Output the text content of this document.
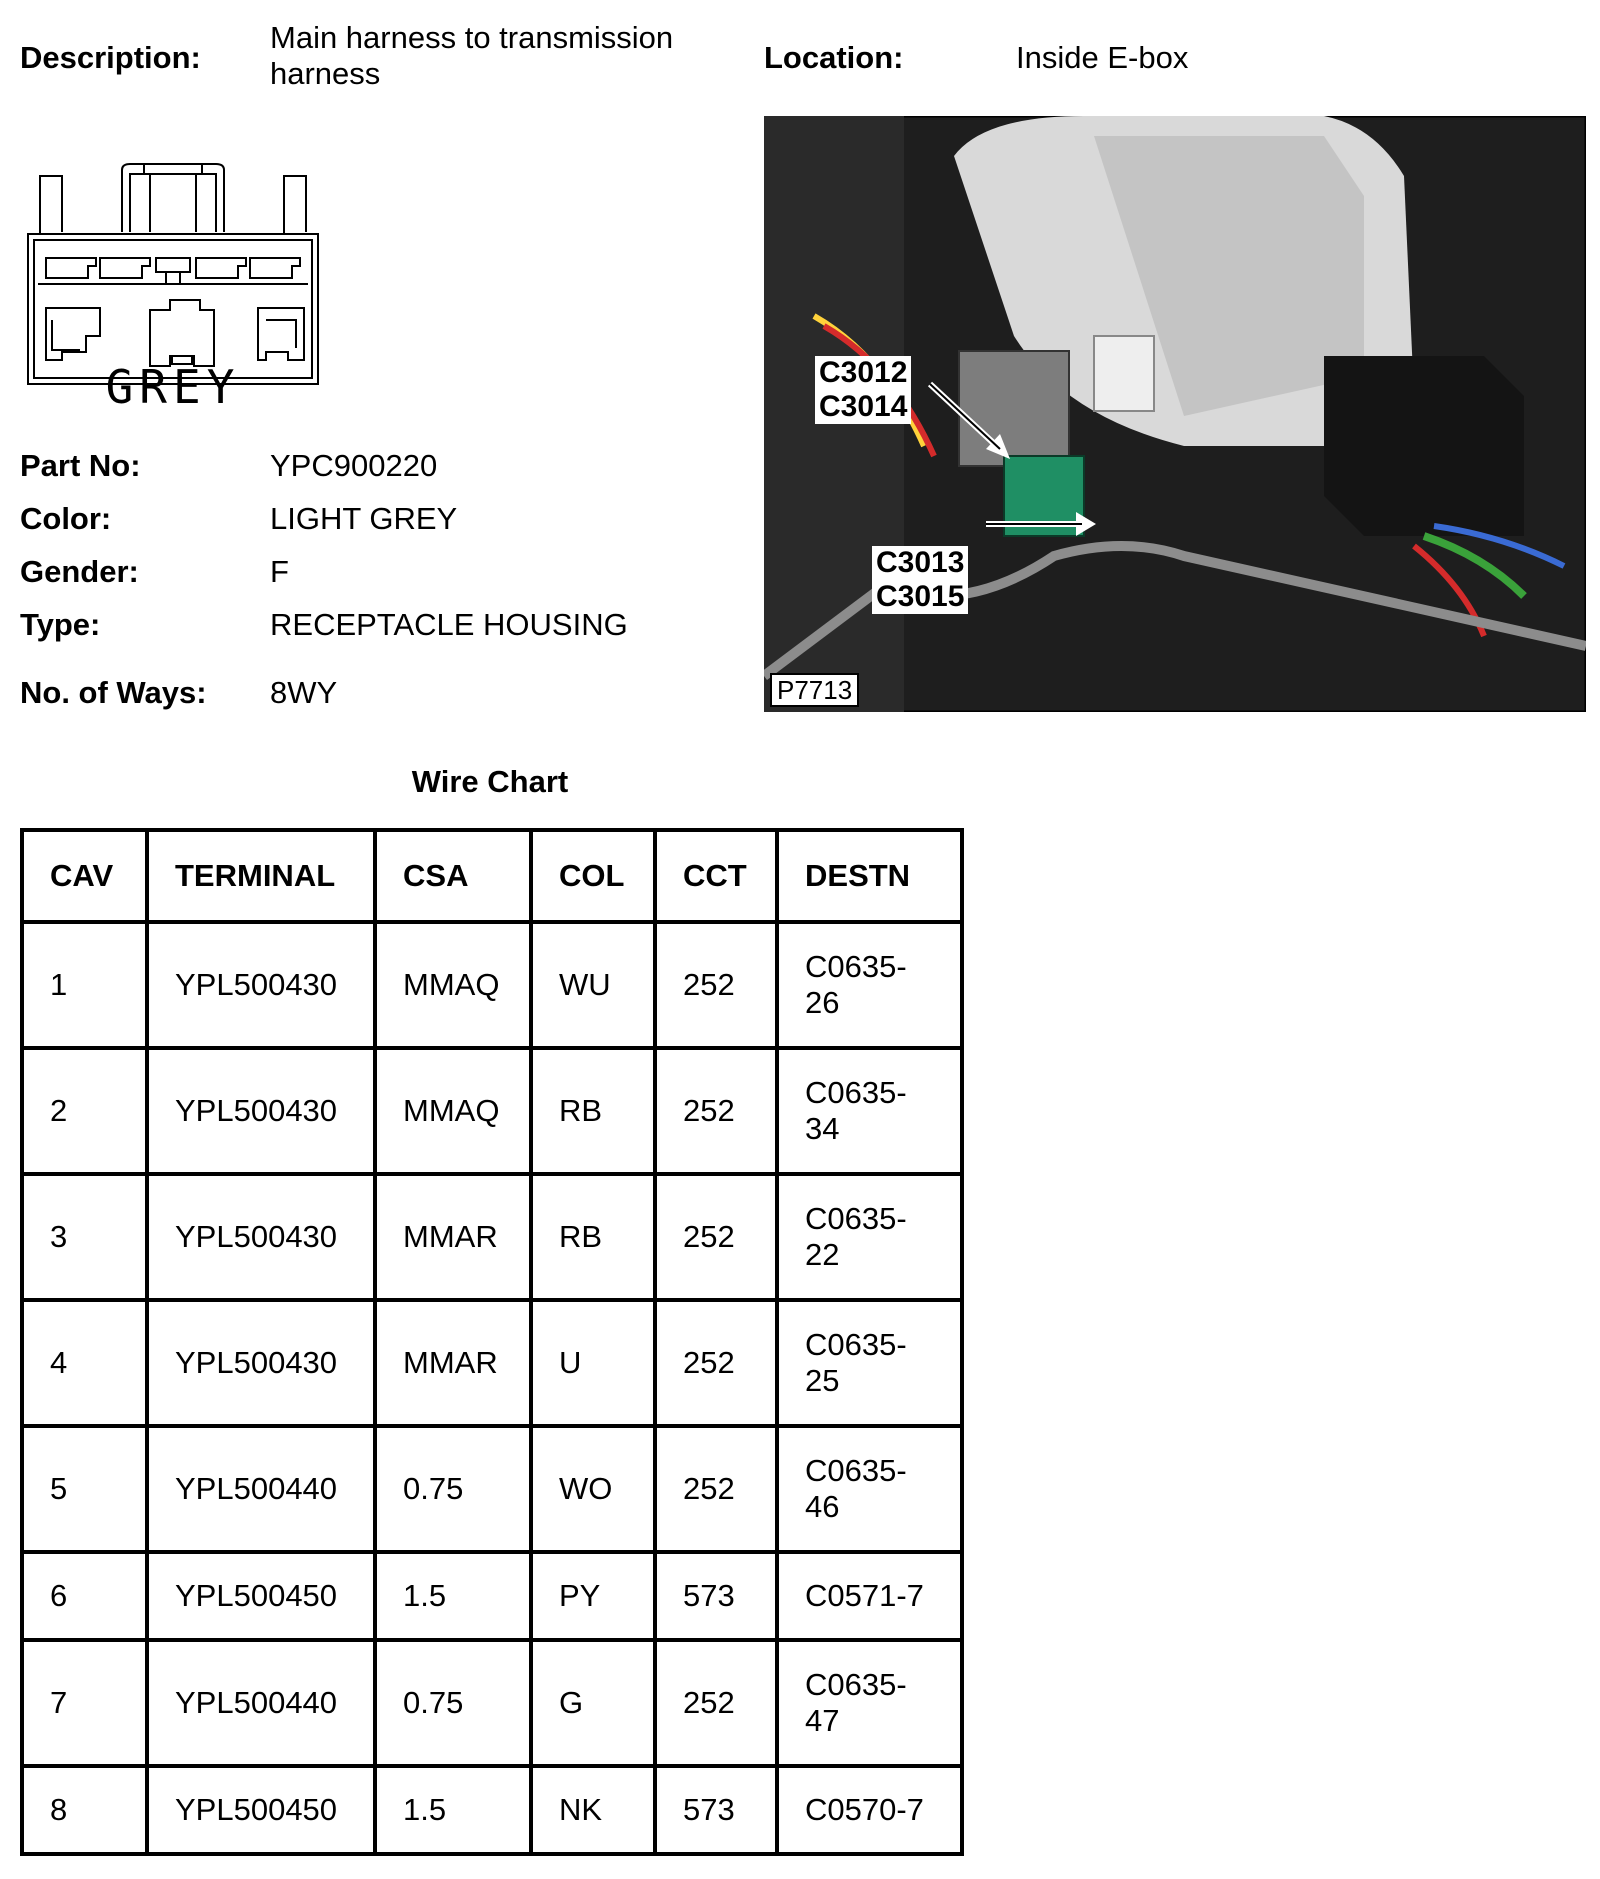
Description:
Main harness to transmission
harness	Location:	Inside E-box
GREY
Part No:	YPC900220
Color:	LIGHT GREY
Gender:	F
Type:	RECEPTACLE HOUSING
No. of Ways: 8WY
C3012
C3014
C3013
C3015
P7713
Wire Chart
CAV	TERMINAL	CSA	COL	CCT	DESTN
1	YPL500430	MMAQ	WU	252	C0635-
26

2	YPL500430	MMAQ	RB	252	C0635-
34

3	YPL500430	MMAR	RB	252	C0635-
22

4	YPL500430	MMAR	U	252	C0635-
25

5	YPL500440	0.75	WO	252	C0635-
46

6	YPL500450	1.5	PY	573	C0571-7

7	YPL500440	0.75	G	252	C0635-
47

8	YPL500450	1.5	NK	573	C0570-7
